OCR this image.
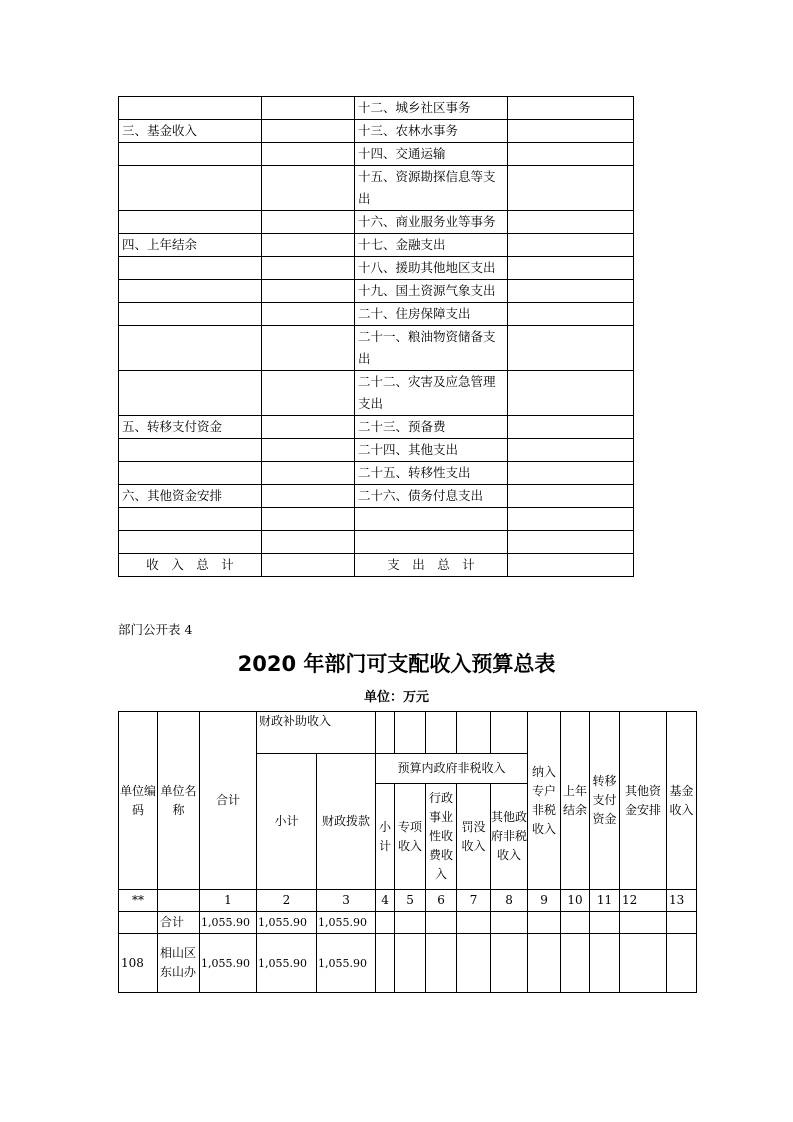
		十二、城乡社区事务	
三、基金收入		十三、农林水事务	
		十四、交通运输	
		十五、资源勘探信息等支出	
		十六、商业服务业等事务	
四、上年结余		十七、金融支出	
		十八、援助其他地区支出	
		十九、国土资源气象支出	
		二十、住房保障支出	
		二十一、粮油物资储备支出	
		二十二、灾害及应急管理支出	
五、转移支付资金		二十三、预备费	
		二十四、其他支出	
		二十五、转移性支出	
六、其他资金安排		二十六、债务付息支出	

收　入　总　计		支　出　总　计	
部门公开表 4
2020 年部门可支配收入预算总表
单位：万元
单位编码	单位名称	合计	财政补助收入							纳入专户非税收入	上年结余	转移支付资金	其他资金安排	基金收入
			小计	财政拨款	预算内政府非税收入									
					小计	专项收入	行政事业性收费收入	罚没收入	其他政府非税收入					

**		1	2	3	4	5	6	7	8	9	10	11	12	13
	合计	1,055.90	1,055.90	1,055.90										
108	相山区东山办	1,055.90	1,055.90	1,055.90										
